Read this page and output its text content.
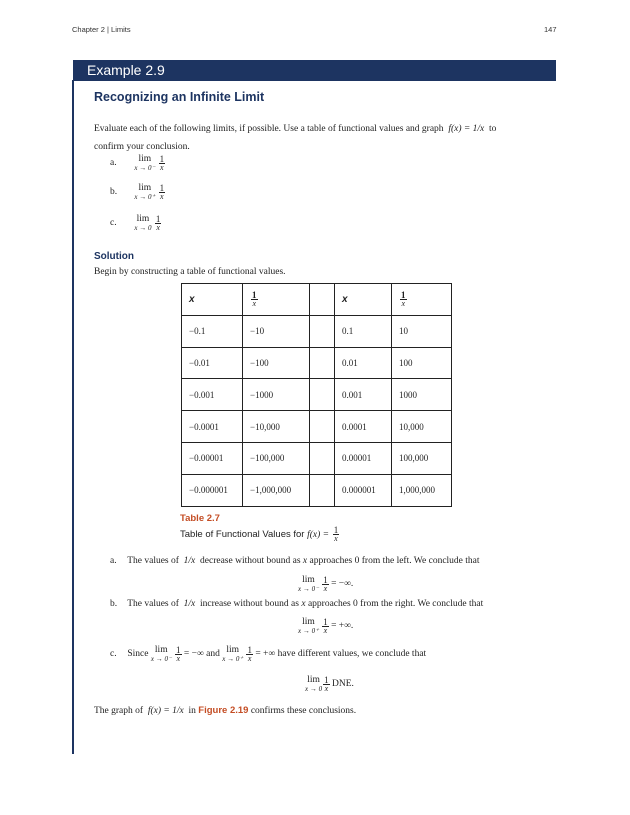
Chapter 2 | Limits	147
Example 2.9
Recognizing an Infinite Limit
Evaluate each of the following limits, if possible. Use a table of functional values and graph f(x) = 1/x to
confirm your conclusion.
a.	lim
x → 0⁻
$\frac{1}{x}$
b.	lim
x → 0⁺
$\frac{1}{x}$
c. lim
x → 0
$\frac{1}{x}$
Solution
Begin by constructing a table of functional values.
x	$\frac{1}{x}$		x	$\frac{1}{x}$

−0.1	−10		0.1	10
−0.01	−100		0.01	100
−0.001	−1000		0.001	1000
−0.0001	−10,000		0.0001	10,000
−0.00001	−100,000		0.00001	100,000
−0.000001	−1,000,000		0.000001	1,000,000
Table 2.7
Table of Functional Values for $f(x) = \frac{1}{x}$
a. The values of 1/x decrease without bound as x approaches 0 from the left. We conclude that
lim
x → 0⁻
$\frac{1}{x}$ = −∞.
b. The values of 1/x increase without bound as x approaches 0 from the right. We conclude that
lim
x → 0⁺
$\frac{1}{x}$ = +∞.
c. Since lim
x → 0⁻
$\frac{1}{x}$ = −∞ and lim
x → 0⁺
$\frac{1}{x}$ = +∞ have different values, we conclude that
lim
$x \to 0 \frac{1}{x}$ DNE.
The graph of f(x) = 1/x in Figure 2.19 confirms these conclusions.
